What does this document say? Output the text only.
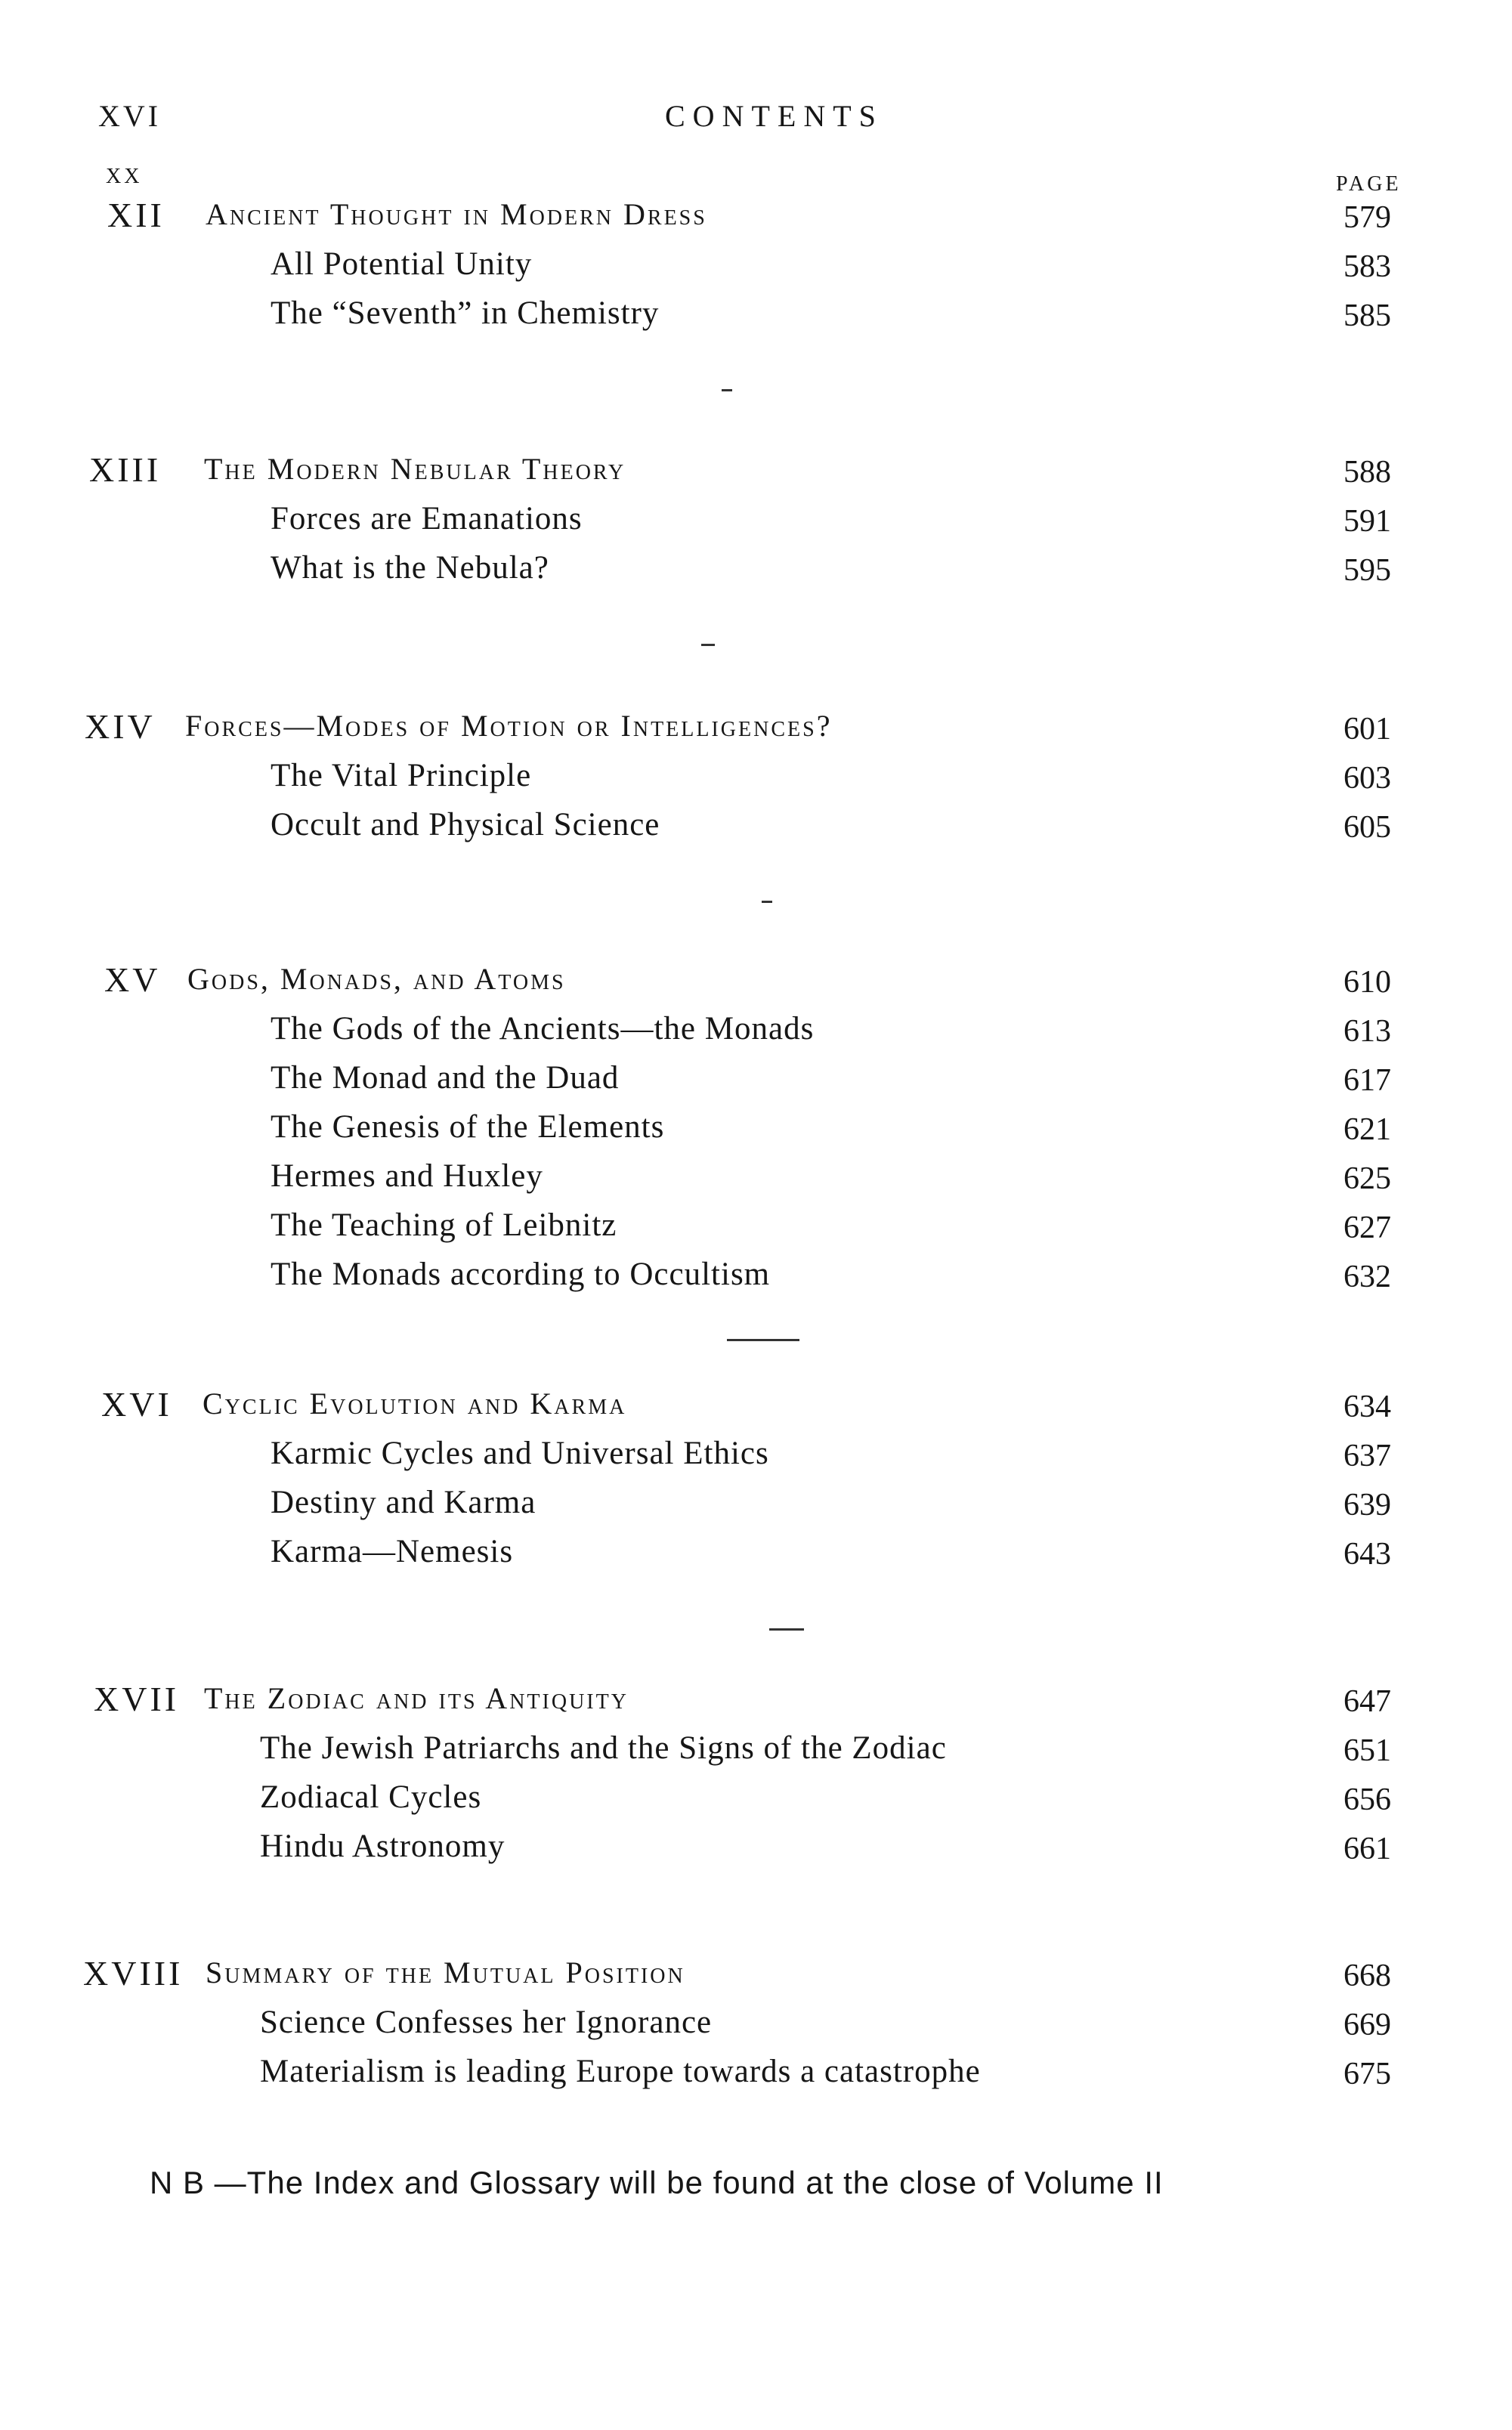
XVI	CONTENTS
XX	PAGE
XII Ancient Thought in Modern Dress	579
All Potential Unity	583
The “Seventh” in Chemistry	585
XIII The Modern Nebular Theory	588
Forces are Emanations	591
What is the Nebula?	595
XIV Forces—Modes of Motion or Intelligences?	601
The Vital Principle	603
Occult and Physical Science	605
XV Gods, Monads, and Atoms	610
The Gods of the Ancients—the Monads	613
The Monad and the Duad	617
The Genesis of the Elements	621
Hermes and Huxley	625
The Teaching of Leibnitz	627
The Monads according to Occultism	632
XVI Cyclic Evolution and Karma	634
Karmic Cycles and Universal Ethics	637
Destiny and Karma	639
Karma—Nemesis	643
XVII The Zodiac and its Antiquity	647
The Jewish Patriarchs and the Signs of the Zodiac	651
Zodiacal Cycles	656
Hindu Astronomy	661
XVIII Summary of the Mutual Position	668
Science Confesses her Ignorance	669
Materialism is leading Europe towards a catastrophe	675
N B —The Index and Glossary will be found at the close of Volume II
